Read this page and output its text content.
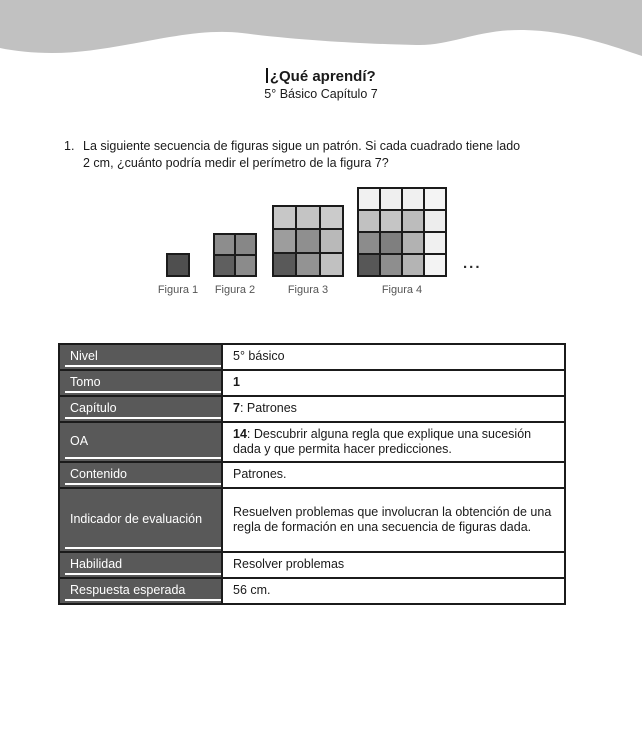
¿Qué aprendí?
5° Básico Capítulo 7
1. La siguiente secuencia de figuras sigue un patrón. Si cada cuadrado tiene lado
2 cm, ¿cuánto podría medir el perímetro de la figura 7?
Figura 1 Figura 2	Figura 3	Figura 4
...
Nivel	5° básico
Tomo	1
Capítulo	7: Patrones
OA	14: Descubrir alguna regla que explique una sucesión dada y que permita hacer predicciones.
Contenido	Patrones.
Indicador de evaluación	Resuelven problemas que involucran la obtención de una regla de formación en una secuencia de figuras dada.
Habilidad	Resolver problemas
Respuesta esperada	56 cm.
